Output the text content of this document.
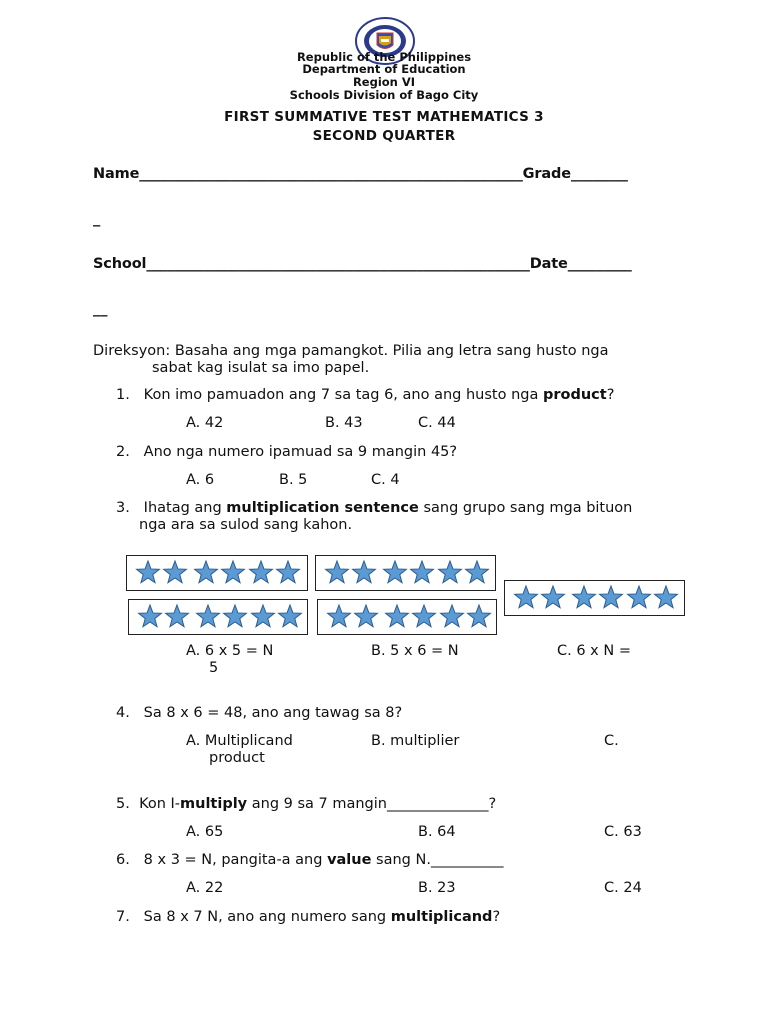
Republic of the Philippines
Department of Education
Region VI
Schools Division of Bago City
FIRST SUMMATIVE TEST MATHEMATICS 3
SECOND QUARTER
Name______________________________________________________Grade________
_
School______________________________________________________Date_________
__
Direksyon: Basaha ang mga pamangkot. Pilia ang letra sang husto nga
sabat kag isulat sa imo papel.
1. Kon imo pamuadon ang 7 sa tag 6, ano ang husto nga product?
A. 42	B. 43	C. 44
2. Ano nga numero ipamuad sa 9 mangin 45?
A. 6	B. 5	C. 4
3.   Ihatag ang multiplication sentence sang grupo sang mga bituon
nga ara sa sulod sang kahon.
A. 6 x 5 = N	B. 5 x 6 = N	C. 6 x N =
5
4. Sa 8 x 6 = 48, ano ang tawag sa 8?
A. Multiplicand	B. multiplier	C.
product
5. Kon I-multiply ang 9 sa 7 mangin______________?
A. 65	B. 64	C. 63
6. 8 x 3 = N, pangita-a ang value sang N.__________
A. 22	B. 23	C. 24
7. Sa 8 x 7 N, ano ang numero sang multiplicand?
